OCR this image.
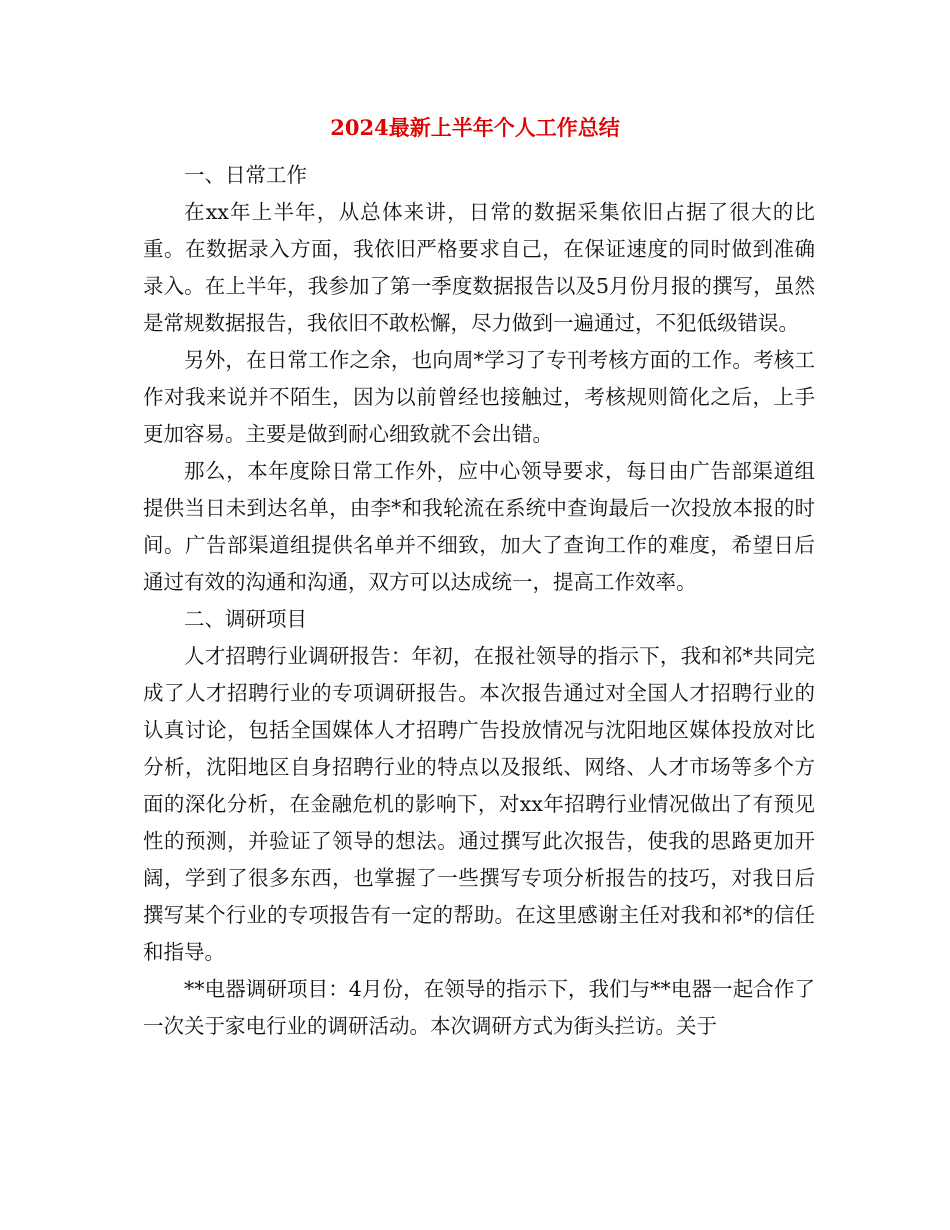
2024最新上半年个人工作总结

一、日常工作

在xx年上半年，从总体来讲，日常的数据采集依旧占据了很大的比重。在数据录入方面，我依旧严格要求自己，在保证速度的同时做到准确录入。在上半年，我参加了第一季度数据报告以及5月份月报的撰写，虽然是常规数据报告，我依旧不敢松懈，尽力做到一遍通过，不犯低级错误。

另外，在日常工作之余，也向周*学习了专刊考核方面的工作。考核工作对我来说并不陌生，因为以前曾经也接触过，考核规则简化之后，上手更加容易。主要是做到耐心细致就不会出错。

那么，本年度除日常工作外，应中心领导要求，每日由广告部渠道组提供当日未到达名单，由李*和我轮流在系统中查询最后一次投放本报的时间。广告部渠道组提供名单并不细致，加大了查询工作的难度，希望日后通过有效的沟通和沟通，双方可以达成统一，提高工作效率。

二、调研项目

人才招聘行业调研报告：年初，在报社领导的指示下，我和祁*共同完成了人才招聘行业的专项调研报告。本次报告通过对全国人才招聘行业的认真讨论，包括全国媒体人才招聘广告投放情况与沈阳地区媒体投放对比分析，沈阳地区自身招聘行业的特点以及报纸、网络、人才市场等多个方面的深化分析，在金融危机的影响下，对xx年招聘行业情况做出了有预见性的预测，并验证了领导的想法。通过撰写此次报告，使我的思路更加开阔，学到了很多东西，也掌握了一些撰写专项分析报告的技巧，对我日后撰写某个行业的专项报告有一定的帮助。在这里感谢主任对我和祁*的信任和指导。

**电器调研项目：4月份，在领导的指示下，我们与**电器一起合作了一次关于家电行业的调研活动。本次调研方式为街头拦访。关于
